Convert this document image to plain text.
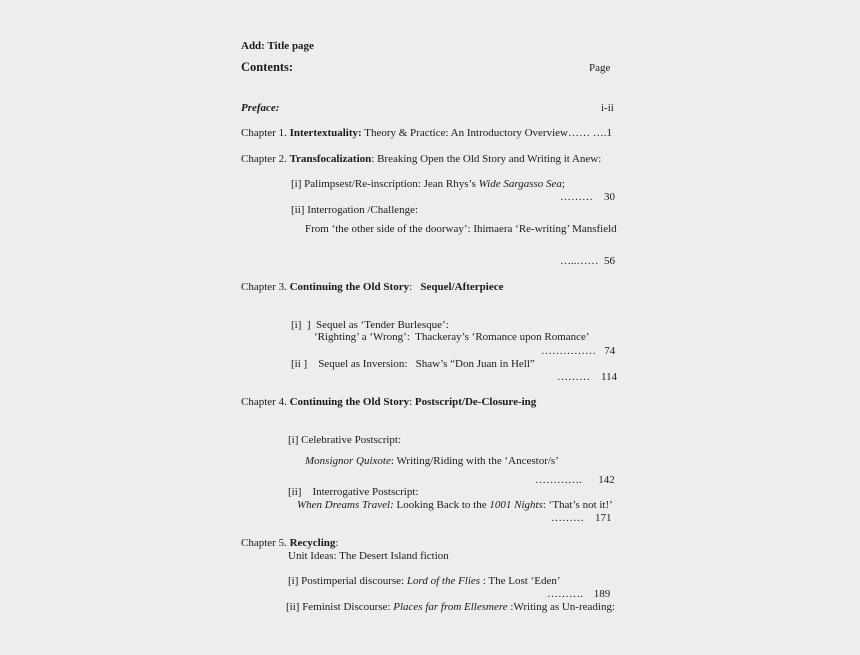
Add: Title page
Contents:	Page
Preface:	i-ii
Chapter 1. Intertextuality: Theory & Practice: An Introductory Overview…… ….1
Chapter 2. Transfocalization: Breaking Open the Old Story and Writing it Anew:
[i] Palimpsest/Re-inscription: Jean Rhys’s Wide Sargasso Sea;
………    30
[ii] Interrogation /Challenge:
From ‘the other side of the doorway’: Ihimaera ‘Re-writing’ Mansfield
…..……  56
Chapter 3. Continuing the Old Story: Sequel/Afterpiece
[i]  ]  Sequel as ‘Tender Burlesque’:
‘Righting’ a ‘Wrong’:  Thackeray’s ‘Romance upon Romance’
……………   74
[ii ]    Sequel as Inversion:   Shaw’s “Don Juan in Hell”
………    114
Chapter 4. Continuing the Old Story: Postscript/De-Closure-ing
[i] Celebrative Postscript:
Monsignor Quixote: Writing/Riding with the ‘Ancestor/s’
………….      142
[ii]    Interrogative Postscript:
When Dreams Travel: Looking Back to the 1001 Nights: ‘That’s not it!’
………    171
Chapter 5. Recycling:
Unit Ideas: The Desert Island fiction
[i] Postimperial discourse: Lord of the Flies : The Lost ‘Eden’
……….    189
[ii] Feminist Discourse: Places far from Ellesmere :Writing as Un-reading:
